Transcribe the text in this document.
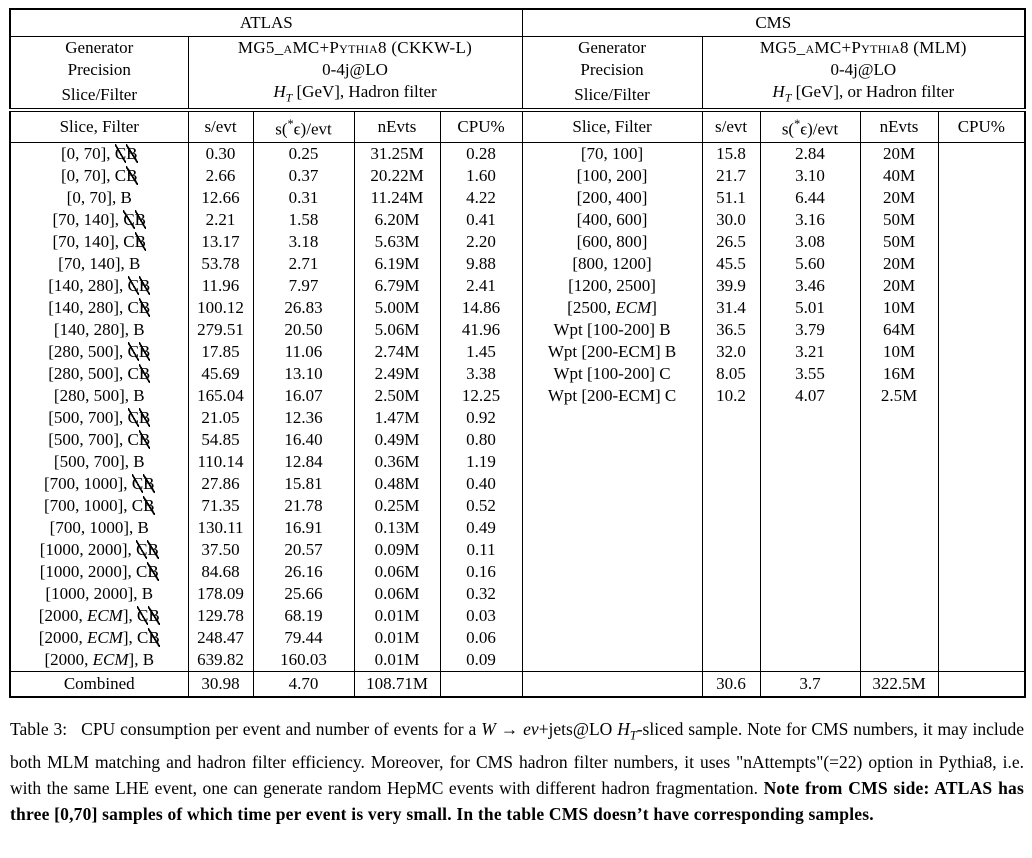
ATLAS					CMS				
Generator	MG5_aMC+Pythia8 (CKKW-L)				Generator	MG5_aMC+Pythia8 (MLM)			
Precision	0-4j@LO				Precision	0-4j@LO			
Slice/Filter	$H_T$ [GeV], Hadron filter				Slice/Filter	$H_T$ [GeV], or Hadron filter			
Slice, Filter	s/evt	s(*ϵ)/evt	nEvts	CPU%	Slice, Filter	s/evt	s(*ϵ)/evt	nEvts	CPU%
[0, 70], CB	0.30	0.25	31.25M	0.28	[70, 100]	15.8	2.84	20M	
[0, 70], CB	2.66	0.37	20.22M	1.60	[100, 200]	21.7	3.10	40M	
[0, 70], B	12.66	0.31	11.24M	4.22	[200, 400]	51.1	6.44	20M	
[70, 140], CB	2.21	1.58	6.20M	0.41	[400, 600]	30.0	3.16	50M	
[70, 140], CB	13.17	3.18	5.63M	2.20	[600, 800]	26.5	3.08	50M	
[70, 140], B	53.78	2.71	6.19M	9.88	[800, 1200]	45.5	5.60	20M	
[140, 280], CB	11.96	7.97	6.79M	2.41	[1200, 2500]	39.9	3.46	20M	
[140, 280], CB	100.12	26.83	5.00M	14.86	[2500, ECM]	31.4	5.01	10M	
[140, 280], B	279.51	20.50	5.06M	41.96	Wpt [100-200] B	36.5	3.79	64M	
[280, 500], CB	17.85	11.06	2.74M	1.45	Wpt [200-ECM] B	32.0	3.21	10M	
[280, 500], CB	45.69	13.10	2.49M	3.38	Wpt [100-200] C	8.05	3.55	16M	
[280, 500], B	165.04	16.07	2.50M	12.25	Wpt [200-ECM] C	10.2	4.07	2.5M	
[500, 700], CB	21.05	12.36	1.47M	0.92					
[500, 700], CB	54.85	16.40	0.49M	0.80					
[500, 700], B	110.14	12.84	0.36M	1.19					
[700, 1000], CB	27.86	15.81	0.48M	0.40					
[700, 1000], CB	71.35	21.78	0.25M	0.52					
[700, 1000], B	130.11	16.91	0.13M	0.49					
[1000, 2000], CB	37.50	20.57	0.09M	0.11					
[1000, 2000], CB	84.68	26.16	0.06M	0.16					
[1000, 2000], B	178.09	25.66	0.06M	0.32					
[2000, ECM], CB	129.78	68.19	0.01M	0.03					
[2000, ECM], CB	248.47	79.44	0.01M	0.06					
[2000, ECM], B	639.82	160.03	0.01M	0.09					
Combined	30.98	4.70	108.71M			30.6	3.7	322.5M	

Table 3: CPU consumption per event and number of events for a W → eν+jets@LO $H_T$-sliced sample. Note for CMS numbers, it may include both MLM matching and hadron filter efficiency. Moreover, for CMS hadron filter numbers, it uses "nAttempts"(=22) option in Pythia8, i.e. with the same LHE event, one can generate random HepMC events with different hadron fragmentation. Note from CMS side: ATLAS has three [0,70] samples of which time per event is very small. In the table CMS doesn’t have corresponding samples.
